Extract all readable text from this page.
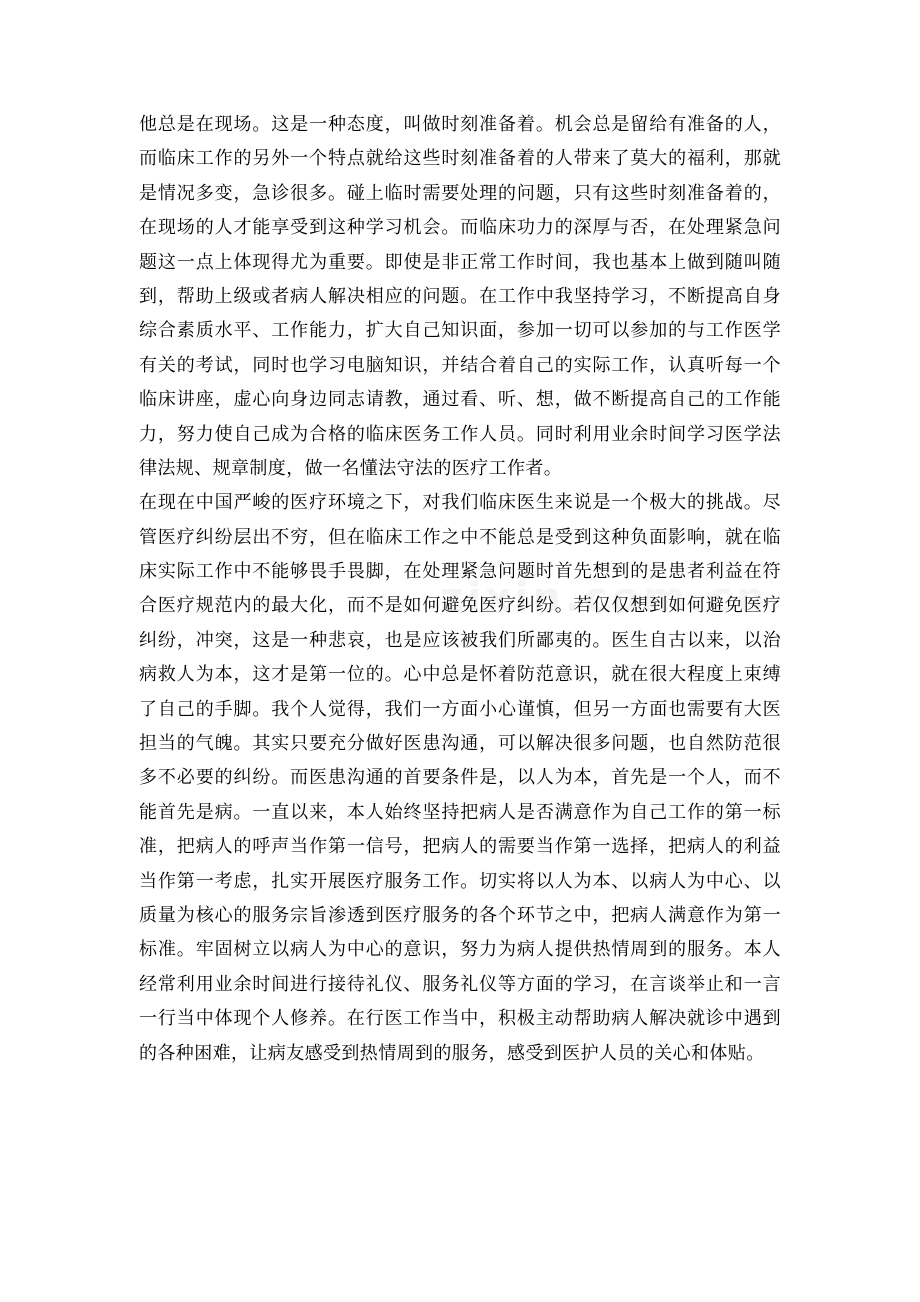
他总是在现场。这是一种态度，叫做时刻准备着。机会总是留给有准备的人，
而临床工作的另外一个特点就给这些时刻准备着的人带来了莫大的福利，那就
是情况多变，急诊很多。碰上临时需要处理的问题，只有这些时刻准备着的，
在现场的人才能享受到这种学习机会。而临床功力的深厚与否，在处理紧急问
题这一点上体现得尤为重要。即使是非正常工作时间，我也基本上做到随叫随
到，帮助上级或者病人解决相应的问题。在工作中我坚持学习，不断提高自身
综合素质水平、工作能力，扩大自己知识面，参加一切可以参加的与工作医学
有关的考试，同时也学习电脑知识，并结合着自己的实际工作，认真听每一个
临床讲座，虚心向身边同志请教，通过看、听、想，做不断提高自己的工作能
力，努力使自己成为合格的临床医务工作人员。同时利用业余时间学习医学法
律法规、规章制度，做一名懂法守法的医疗工作者。
在现在中国严峻的医疗环境之下，对我们临床医生来说是一个极大的挑战。尽
管医疗纠纷层出不穷，但在临床工作之中不能总是受到这种负面影响，就在临
床实际工作中不能够畏手畏脚，在处理紧急问题时首先想到的是患者利益在符
合医疗规范内的最大化，而不是如何避免医疗纠纷。若仅仅想到如何避免医疗
纠纷，冲突，这是一种悲哀，也是应该被我们所鄙夷的。医生自古以来，以治
病救人为本，这才是第一位的。心中总是怀着防范意识，就在很大程度上束缚
了自己的手脚。我个人觉得，我们一方面小心谨慎，但另一方面也需要有大医
担当的气魄。其实只要充分做好医患沟通，可以解决很多问题，也自然防范很
多不必要的纠纷。而医患沟通的首要条件是，以人为本，首先是一个人，而不
能首先是病。一直以来，本人始终坚持把病人是否满意作为自己工作的第一标
准，把病人的呼声当作第一信号，把病人的需要当作第一选择，把病人的利益
当作第一考虑，扎实开展医疗服务工作。切实将以人为本、以病人为中心、以
质量为核心的服务宗旨渗透到医疗服务的各个环节之中，把病人满意作为第一
标准。牢固树立以病人为中心的意识，努力为病人提供热情周到的服务。本人
经常利用业余时间进行接待礼仪、服务礼仪等方面的学习，在言谈举止和一言
一行当中体现个人修养。在行医工作当中，积极主动帮助病人解决就诊中遇到
的各种困难，让病友感受到热情周到的服务，感受到医护人员的关心和体贴。
